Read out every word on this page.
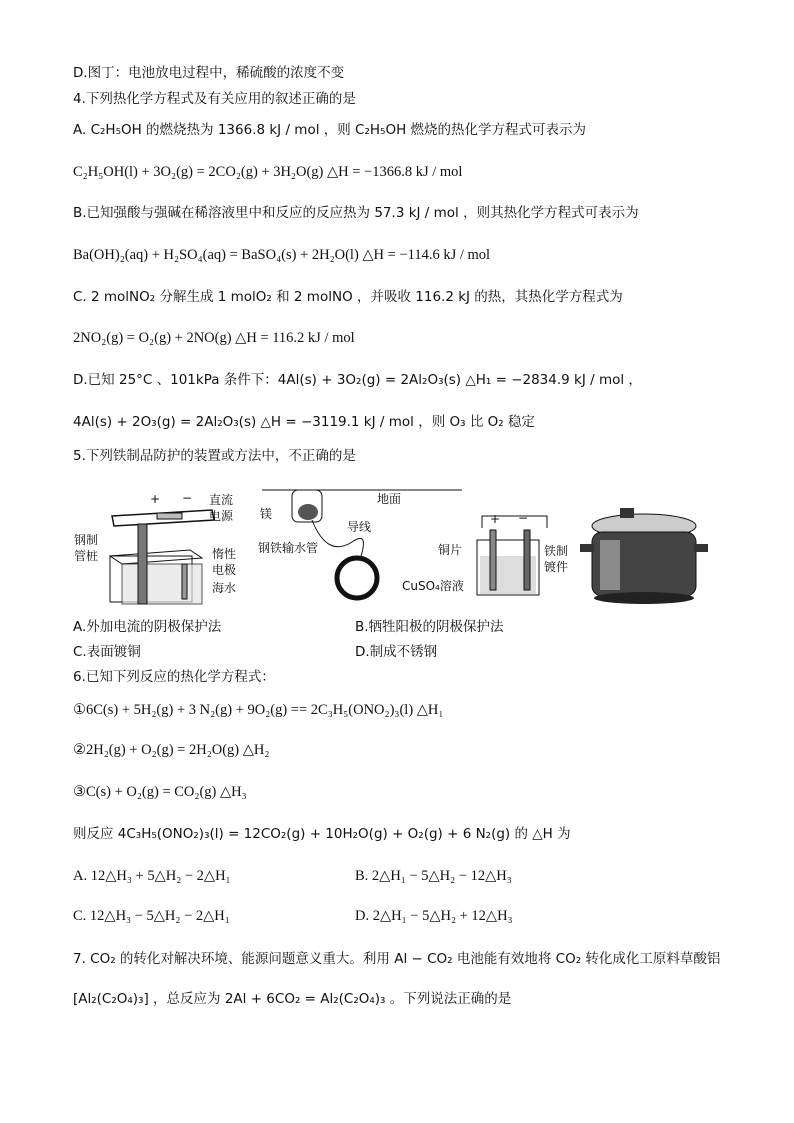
D.图丁：电池放电过程中，稀硫酸的浓度不变
4.下列热化学方程式及有关应用的叙述正确的是
A. C₂H₅OH 的燃烧热为 1366.8 kJ / mol ，则 C₂H₅OH 燃烧的热化学方程式可表示为
C₂H₅OH(l) + 3O₂(g) = 2CO₂(g) + 3H₂O(g) △H = −1366.8 kJ / mol
B.已知强酸与强碱在稀溶液里中和反应的反应热为 57.3 kJ / mol ，则其热化学方程式可表示为
Ba(OH)₂(aq) + H₂SO₄(aq) = BaSO₄(s) + 2H₂O(l) △H = −114.6 kJ / mol
C. 2 molNO₂ 分解生成 1 molO₂ 和 2 molNO ，并吸收 116.2 kJ 的热，其热化学方程式为
2NO₂(g) = O₂(g) + 2NO(g) △H = 116.2 kJ / mol
D.已知 25°C 、101kPa 条件下：4Al(s) + 3O₂(g) = 2Al₂O₃(s) △H₁ = −2834.9 kJ / mol ，
4Al(s) + 2O₃(g) = 2Al₂O₃(s) △H = −3119.1 kJ / mol ，则 O₃ 比 O₂ 稳定
5.下列铁制品防护的装置或方法中，不正确的是
+ − 直流
电源
钢制
管桩	惰性
电极
海水
地面
镁
导线
钢铁输水管
+ −
铜片
CuSO₄溶液
铁制
镀件
A.外加电流的阴极保护法	B.牺牲阳极的阴极保护法
C.表面镀铜	D.制成不锈钢
6.已知下列反应的热化学方程式：
①6C(s) + 5H₂(g) + 3 N₂(g) + 9O₂(g) == 2C₃H₅(ONO₂)₃(l) △H₁
②2H₂(g) + O₂(g) = 2H₂O(g) △H₂
③C(s) + O₂(g) = CO₂(g) △H₃
则反应 4C₃H₅(ONO₂)₃(l) = 12CO₂(g) + 10H₂O(g) + O₂(g) + 6 N₂(g) 的 △H 为
A. 12△H₃ + 5△H₂ − 2△H₁	B. 2△H₁ − 5△H₂ − 12△H₃
C. 12△H₃ − 5△H₂ − 2△H₁	D. 2△H₁ − 5△H₂ + 12△H₃
7. CO₂ 的转化对解决环境、能源问题意义重大。利用 Al − CO₂ 电池能有效地将 CO₂ 转化成化工原料草酸铝
[Al₂(C₂O₄)₃] ，总反应为 2Al + 6CO₂ = Al₂(C₂O₄)₃ 。下列说法正确的是
